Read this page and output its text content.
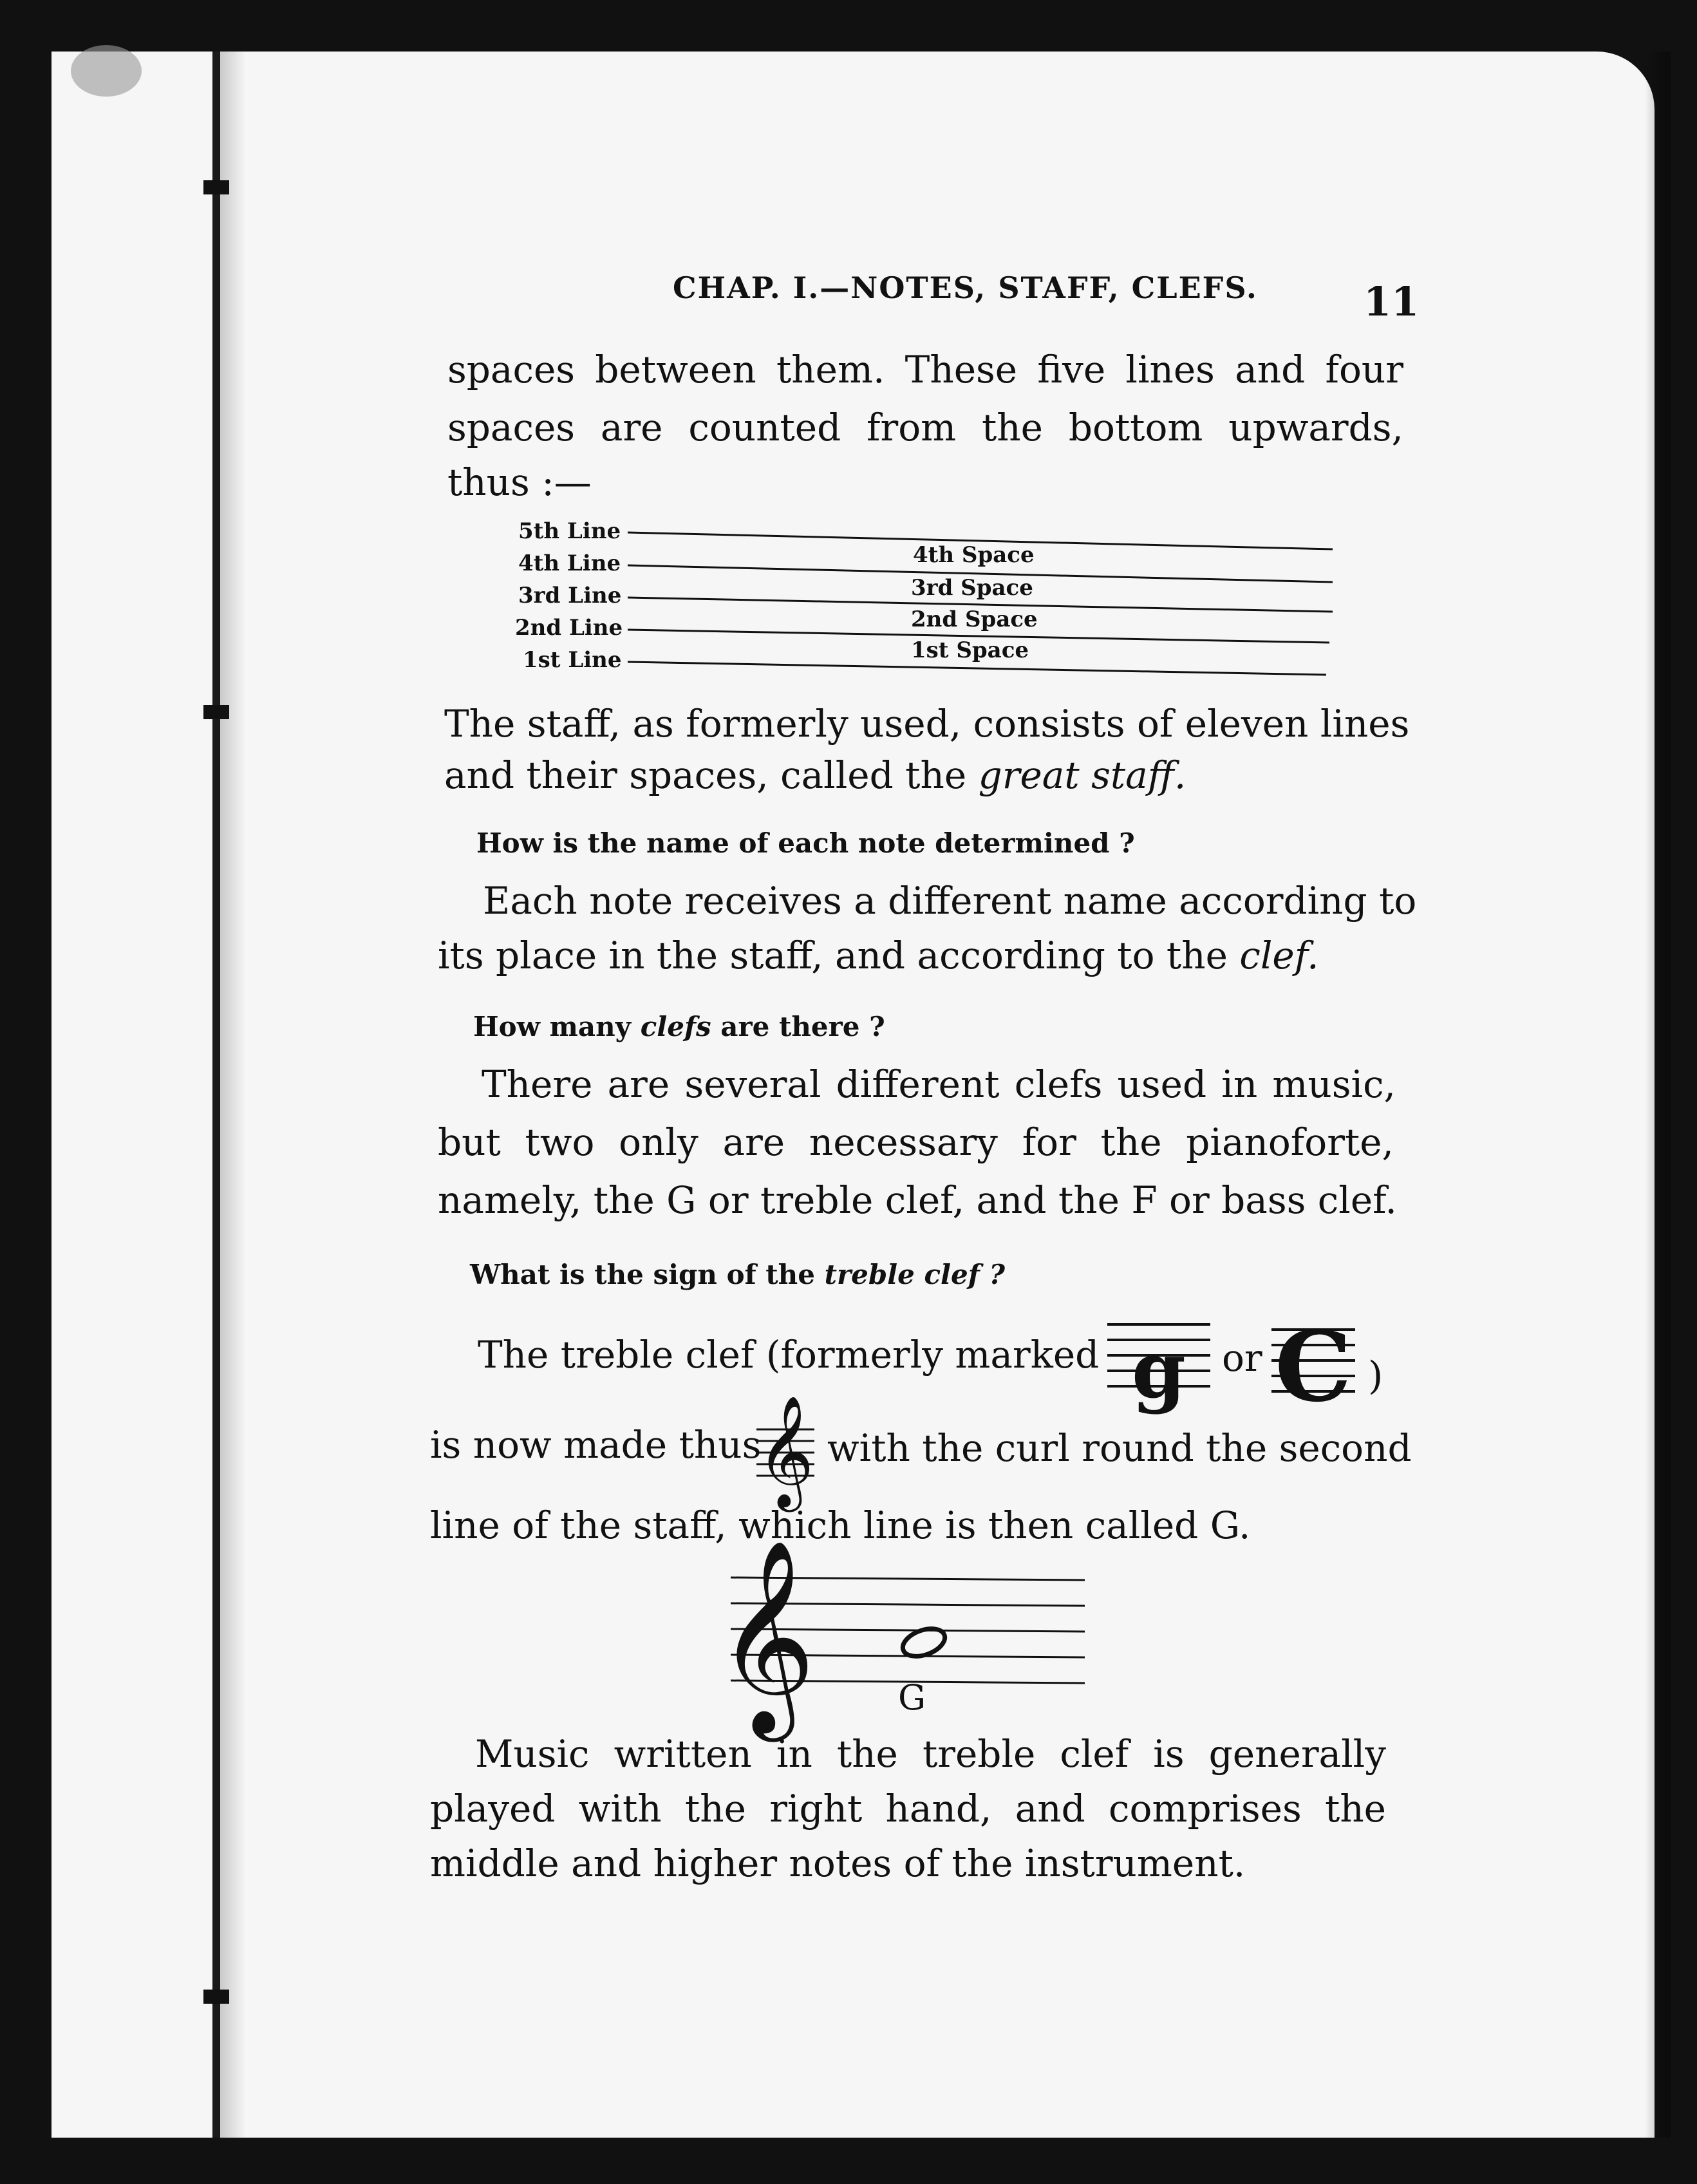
CHAP. I.—NOTES, STAFF, CLEFS.	11
spaces between them. These five lines and four
spaces are counted from the bottom upwards,
thus :—
5th Line
4th Line
3rd Line
2nd Line
1st Line
4th Space
3rd Space
2nd Space
1st Space
The staff, as formerly used, consists of eleven lines
and their spaces, called the great staff.
How is the name of each note determined ?
Each note receives a different name according to
its place in the staff, and according to the clef.
How many clefs are there ?
There are several different clefs used in music,
but two only are necessary for the pianoforte,
namely, the G or treble clef, and the F or bass clef.
What is the sign of the treble clef ?
The treble clef (formerly marked g or C )
is now made thus
𝄞 with the curl round the second
line of the staff, which line is then called G.
𝄞 G
Music written in the treble clef is generally
played with the right hand, and comprises the
middle and higher notes of the instrument.
